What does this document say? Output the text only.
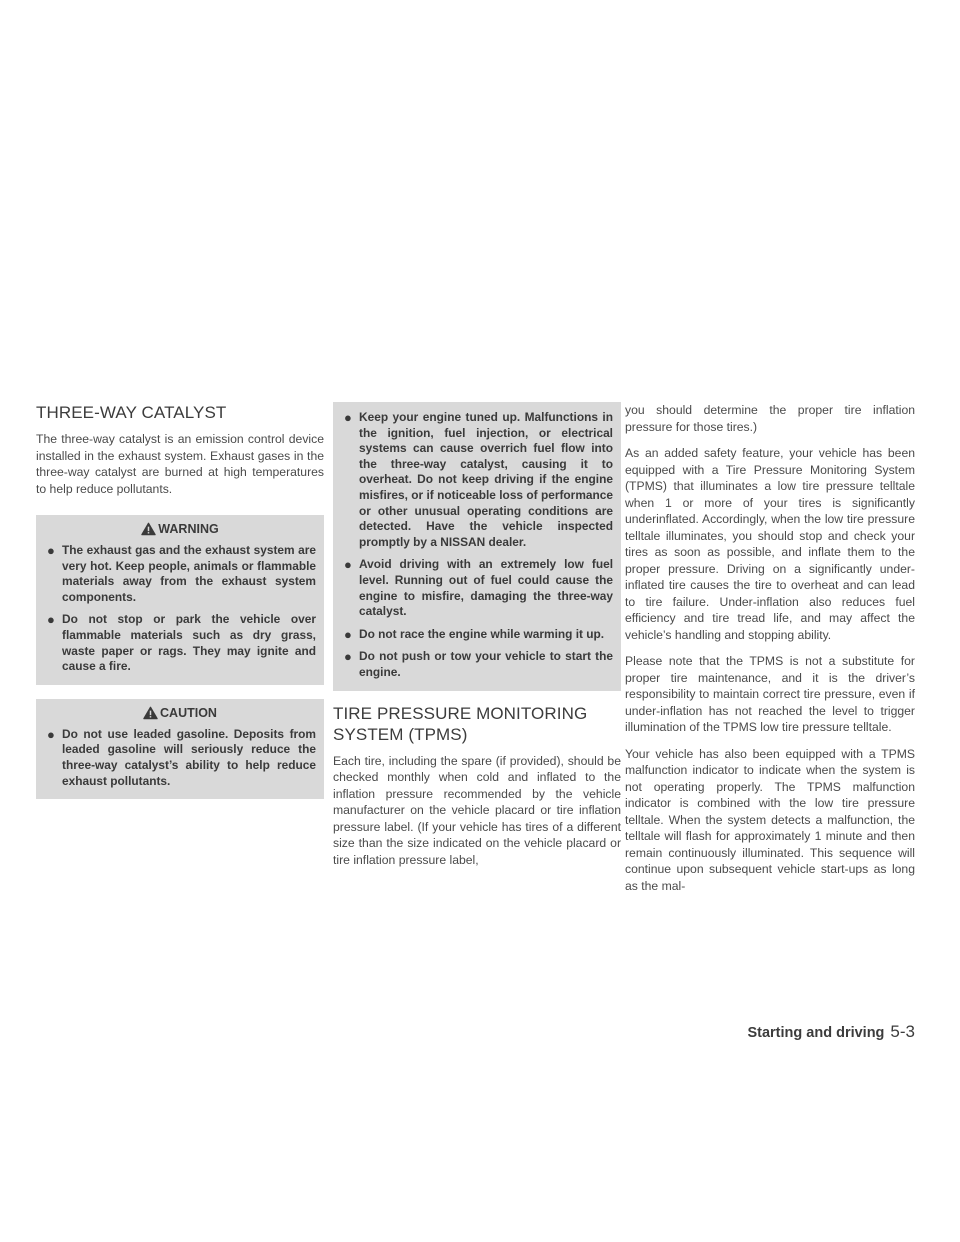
THREE-WAY CATALYST

The three-way catalyst is an emission control device installed in the exhaust system. Exhaust gases in the three-way catalyst are burned at high temperatures to help reduce pollutants.

WARNING
● The exhaust gas and the exhaust system are very hot. Keep people, animals or flammable materials away from the exhaust system components.
● Do not stop or park the vehicle over flammable materials such as dry grass, waste paper or rags. They may ignite and cause a fire.
CAUTION
● Do not use leaded gasoline. Deposits from leaded gasoline will seriously reduce the three-way catalyst’s ability to help reduce exhaust pollutants.
● Keep your engine tuned up. Malfunctions in the ignition, fuel injection, or electrical systems can cause overrich fuel flow into the three-way catalyst, causing it to overheat. Do not keep driving if the engine misfires, or if noticeable loss of performance or other unusual operating conditions are detected. Have the vehicle inspected promptly by a NISSAN dealer.
● Avoid driving with an extremely low fuel level. Running out of fuel could cause the engine to misfire, damaging the three-way catalyst.
● Do not race the engine while warming it up.
● Do not push or tow your vehicle to start the engine.
TIRE PRESSURE MONITORING SYSTEM (TPMS)

Each tire, including the spare (if provided), should be checked monthly when cold and inflated to the inflation pressure recommended by the vehicle manufacturer on the vehicle placard or tire inflation pressure label. (If your vehicle has tires of a different size than the size indicated on the vehicle placard or tire inflation pressure label,

you should determine the proper tire inflation pressure for those tires.)

As an added safety feature, your vehicle has been equipped with a Tire Pressure Monitoring System (TPMS) that illuminates a low tire pressure telltale when 1 or more of your tires is significantly underinflated. Accordingly, when the low tire pressure telltale illuminates, you should stop and check your tires as soon as possible, and inflate them to the proper pressure. Driving on a significantly under-inflated tire causes the tire to overheat and can lead to tire failure. Under-inflation also reduces fuel efficiency and tire tread life, and may affect the vehicle’s handling and stopping ability.

Please note that the TPMS is not a substitute for proper tire maintenance, and it is the driver’s responsibility to maintain correct tire pressure, even if under-inflation has not reached the level to trigger illumination of the TPMS low tire pressure telltale.

Your vehicle has also been equipped with a TPMS malfunction indicator to indicate when the system is not operating properly. The TPMS malfunction indicator is combined with the low tire pressure telltale. When the system detects a malfunction, the telltale will flash for approximately 1 minute and then remain continuously illuminated. This sequence will continue upon subsequent vehicle start-ups as long as the mal-

Starting and driving 5-3
